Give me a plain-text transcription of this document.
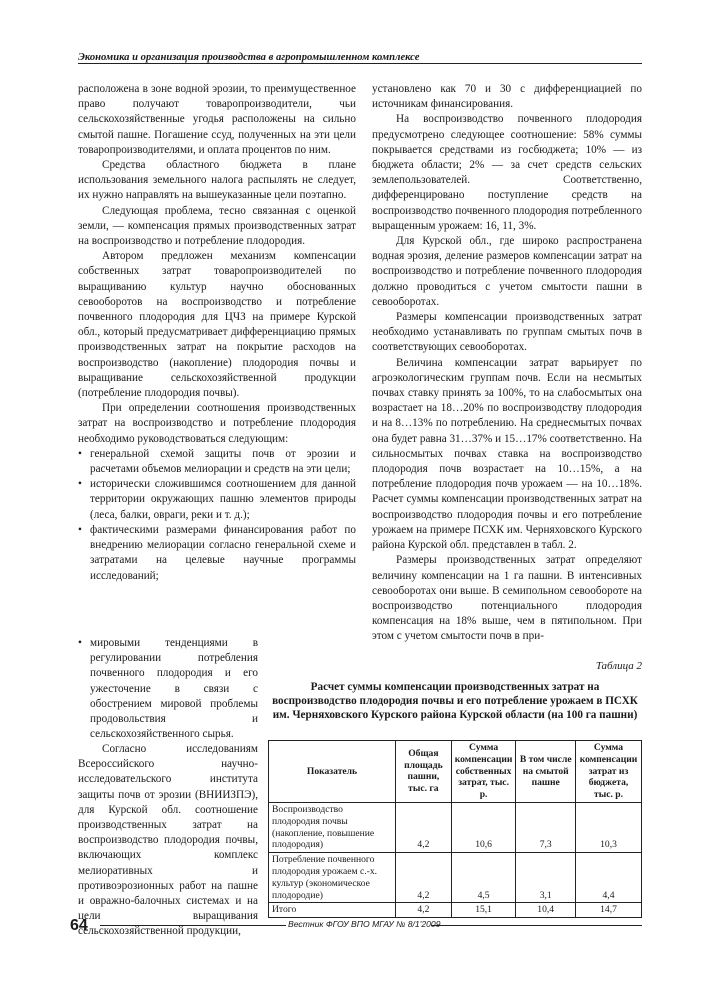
Экономика и организация производства в агропромышленном комплексе

расположена в зоне водной эрозии, то преимущественное право получают товаропроизводители, чьи сельскохозяйственные угодья расположены на сильно смытой пашне. Погашение ссуд, полученных на эти цели товаропроизводителями, и оплата процентов по ним.

Средства областного бюджета в плане использования земельного налога распылять не следует, их нужно направлять на вышеуказанные цели поэтапно.

Следующая проблема, тесно связанная с оценкой земли, — компенсация прямых производственных затрат на воспроизводство и потребление плодородия.

Автором предложен механизм компенсации собственных затрат товаропроизводителей по выращиванию культур научно обоснованных севооборотов на воспроизводство и потребление почвенного плодородия для ЦЧЗ на примере Курской обл., который предусматривает дифференциацию прямых производственных затрат на покрытие расходов на воспроизводство (накопление) плодородия почвы и выращивание сельскохозяйственной продукции (потребление плодородия почвы).

При определении соотношения производственных затрат на воспроизводство и потребление плодородия необходимо руководствоваться следующим:

• генеральной схемой защиты почв от эрозии и расчетами объемов мелиорации и средств на эти цели;
• исторически сложившимся соотношением для данной территории окружающих пашню элементов природы (леса, балки, овраги, реки и т. д.);
• фактическими размерами финансирования работ по внедрению мелиорации согласно генеральной схеме и затратами на целевые научные программы исследований;
• мировыми тенденциями в регулировании потребления почвенного плодородия и его ужесточение в связи с обострением мировой проблемы продовольствия и сельскохозяйственного сырья.
Согласно исследованиям Всероссийского научно-исследовательского института защиты почв от эрозии (ВНИИЗПЭ), для Курской обл. соотношение производственных затрат на воспроизводство плодородия почвы, включающих комплекс мелиоративных и противоэрозионных работ на пашне и овражно-балочных системах и на цели выращивания сельскохозяйственной продукции,

установлено как 70 и 30 с дифференциацией по источникам финансирования.

На воспроизводство почвенного плодородия предусмотрено следующее соотношение: 58% суммы покрывается средствами из госбюджета; 10% — из бюджета области; 2% — за счет средств сельских землепользователей. Соответственно, дифференцировано поступление средств на воспроизводство почвенного плодородия потребленного выращенным урожаем: 16, 11, 3%.

Для Курской обл., где широко распространена водная эрозия, деление размеров компенсации затрат на воспроизводство и потребление почвенного плодородия должно проводиться с учетом смытости пашни в севооборотах.

Размеры компенсации производственных затрат необходимо устанавливать по группам смытых почв в соответствующих севооборотах.

Величина компенсации затрат варьирует по агроэкологическим группам почв. Если на несмытых почвах ставку принять за 100%, то на слабосмытых она возрастает на 18…20% по воспроизводству плодородия и на 8…13% по потреблению. На среднесмытых почвах она будет равна 31…37% и 15…17% соответственно. На сильносмытых почвах ставка на воспроизводство плодородия почв возрастает на 10…15%, а на потребление плодородия почв урожаем — на 10…18%. Расчет суммы компенсации производственных затрат на воспроизводство плодородия почвы и его потребление урожаем на примере ПСХК им. Черняховского Курского района Курской обл. представлен в табл. 2.

Размеры производственных затрат определяют величину компенсации на 1 га пашни. В интенсивных севооборотах они выше. В семипольном севообороте на воспроизводство потенциального плодородия компенсация на 18% выше, чем в пятипольном. При этом с учетом смытости почв в при-

Таблица 2
Расчет суммы компенсации производственных затрат на воспроизводство плодородия почвы и его потребление урожаем в ПСХК им. Черняховского Курского района Курской области (на 100 га пашни)
Показатель	Общая площадь пашни, тыс. га	Сумма компенсации собственных затрат, тыс. р.	В том числе на смытой пашне	Сумма компенсации затрат из бюджета, тыс. р.
Воспроизводство плодородия почвы (накопление, повышение плодородия)	4,2	10,6	7,3	10,3
Потребление почвенного плодородия урожаем с.-х. культур (экономическое плодородие)	4,2	4,5	3,1	4,4
Итого	4,2	15,1	10,4	14,7
64	Вестник ФГОУ ВПО МГАУ № 8/1'2009
